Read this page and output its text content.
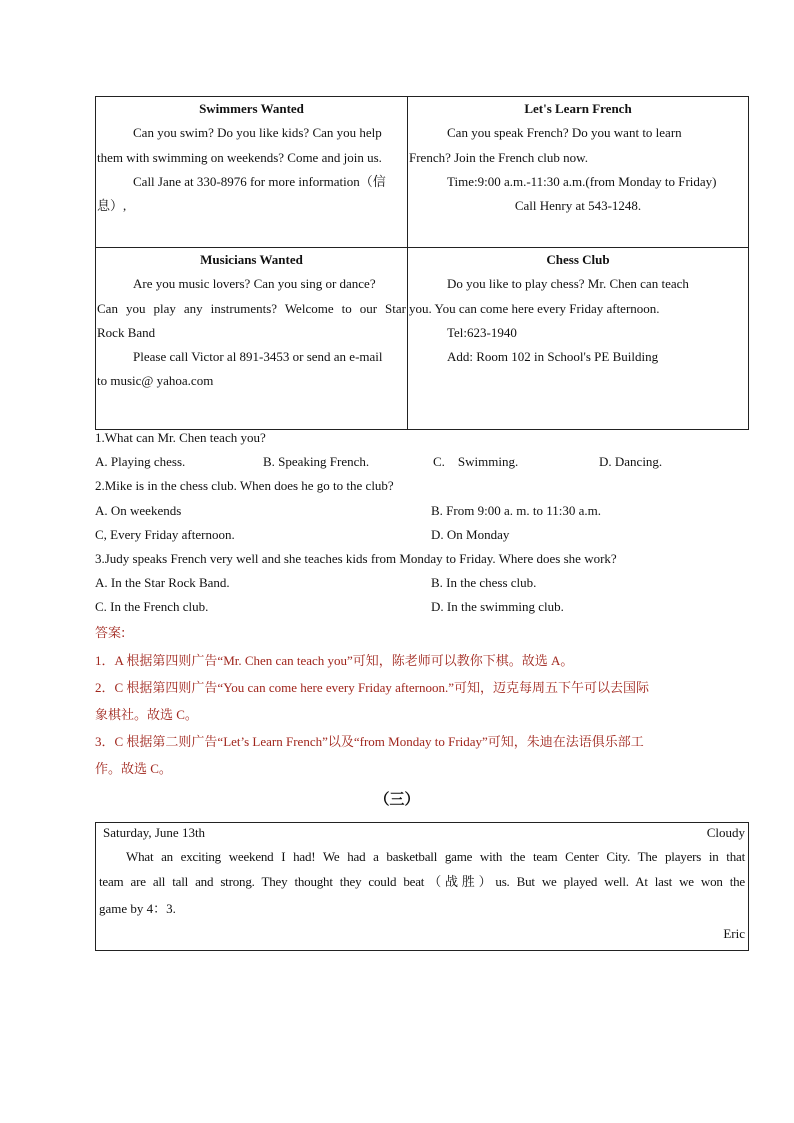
Swimmers Wanted

Can you swim? Do you like kids? Can you help

them with swimming on weekends? Come and join us.

Call Jane at 330-8976 for more information（信

息）,

Let's Learn French

Can you speak French? Do you want to learn

French? Join the French club now.

Time:9:00 a.m.-11:30 a.m.(from Monday to Friday)

Call Henry at 543-1248.

Musicians Wanted

Are you music lovers? Can you sing or dance?

Can you play any instruments? Welcome to our Star

Rock Band

Please call Victor al 891-3453 or send an e-mail

to music@ yahoa.com

Chess Club

Do you like to play chess? Mr. Chen can teach

you. You can come here every Friday afternoon.

Tel:623-1940

Add: Room 102 in School's PE Building

1.What can Mr. Chen teach you?
A. Playing chess.	B. Speaking French.	C.    Swimming.	D. Dancing.
2.Mike is in the chess club. When does he go to the club?
A. On weekends	B. From 9:00 a. m. to 11:30 a.m.
C, Every Friday afternoon.	D. On Monday
3.Judy speaks French very well and she teaches kids from Monday to Friday. Where does she work?
A. In the Star Rock Band.	B. In the chess club.
C. In the French club.	D. In the swimming club.
答案:
1．A 根据第四则广告“Mr. Chen can teach you”可知，陈老师可以教你下棋。故选 A。
2．C 根据第四则广告“You can come here every Friday afternoon.”可知，迈克每周五下午可以去国际
象棋社。故选 C。
3．C 根据第二则广告“Let’s Learn French”以及“from Monday to Friday”可知，朱迪在法语俱乐部工
作。故选 C。
（三）
Saturday, June 13th	Cloudy
What an exciting weekend I had! We had a basketball game with the team Center City. The players in that
team are all tall and strong. They thought they could beat（战胜）us. But we played well. At last we won the
game by 4：3.
Eric
